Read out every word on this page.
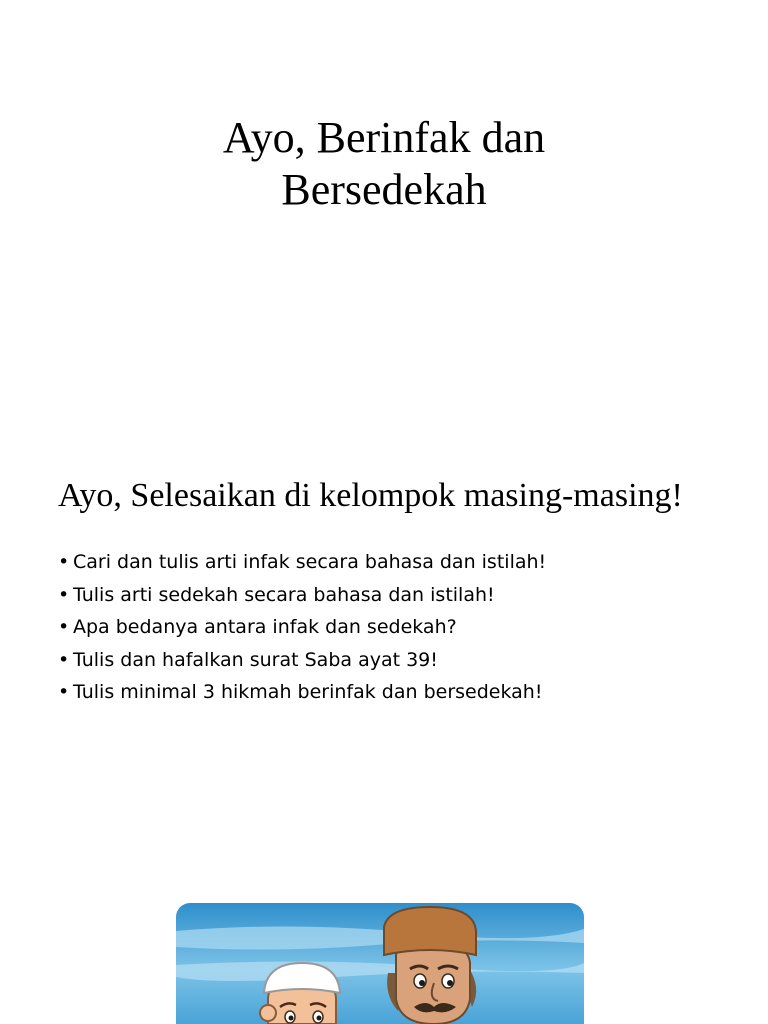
Ayo, Berinfak dan
Bersedekah
Ayo, Selesaikan di kelompok masing-masing!
• Cari dan tulis arti infak secara bahasa dan istilah!
• Tulis arti sedekah secara bahasa dan istilah!
• Apa bedanya antara infak dan sedekah?
• Tulis dan hafalkan surat Saba ayat 39!
• Tulis minimal 3 hikmah berinfak dan bersedekah!
